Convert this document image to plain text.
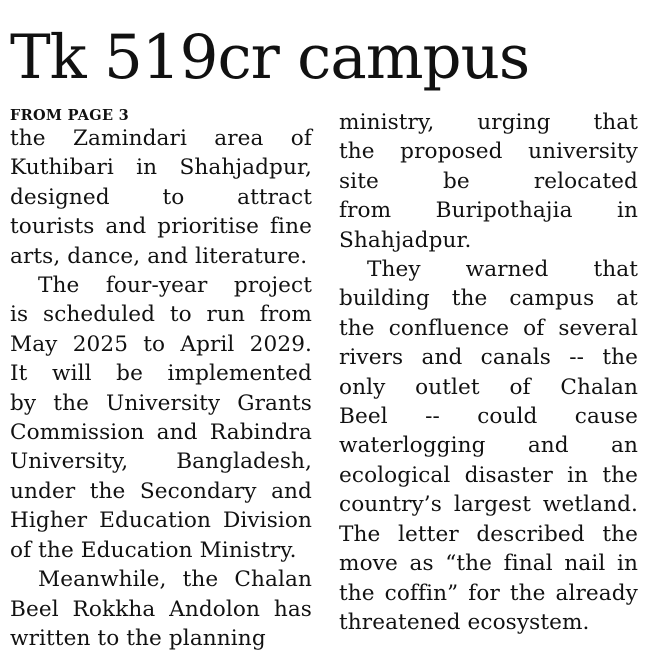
Tk 519cr campus
FROM PAGE 3
the Zamindari area of
Kuthibari in Shahjadpur,
designed to attract
tourists and prioritise fine
arts, dance, and literature.
The four-year project
is scheduled to run from
May 2025 to April 2029.
It will be implemented
by the University Grants
Commission and Rabindra
University, Bangladesh,
under the Secondary and
Higher Education Division
of the Education Ministry.
Meanwhile, the Chalan
Beel Rokkha Andolon has
written to the planning
ministry, urging that
the proposed university
site	be	relocated
from Buripothajia in
Shahjadpur.
They warned that
building the campus at
the confluence of several
rivers and canals -- the
only outlet of Chalan
Beel -- could cause
waterlogging and an
ecological disaster in the
country’s largest wetland.
The letter described the
move as “the final nail in
the coffin” for the already
threatened ecosystem.
